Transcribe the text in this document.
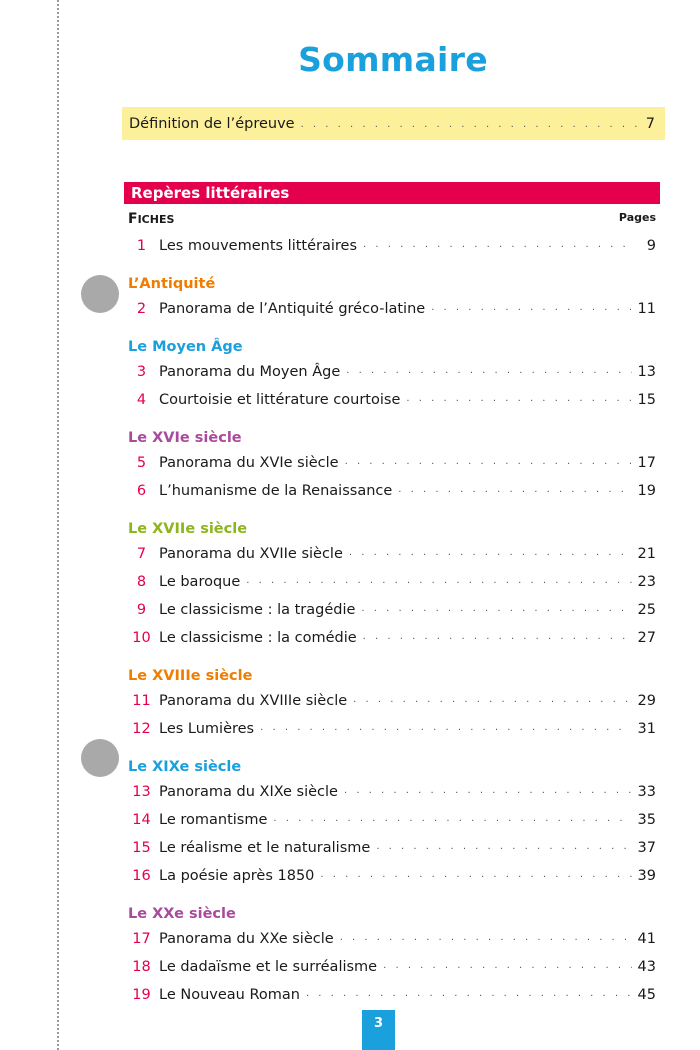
Sommaire
Définition de l’épreuve . . .	7
Repères littéraires
FICHES	Pages
1 Les mouvements littéraires . . .	9
L’Antiquité
2 Panorama de l’Antiquité gréco-latine . . .	11
Le Moyen Âge
3 Panorama du Moyen Âge . . .	13
4 Courtoisie et littérature courtoise . . .	15
Le XVIe siècle
5 Panorama du XVIe siècle . . .	17
6 L’humanisme de la Renaissance . . .	19
Le XVIIe siècle
7 Panorama du XVIIe siècle . . .	21
8 Le baroque . . .	23
9 Le classicisme : la tragédie . . .	25
10 Le classicisme : la comédie . . .	27
Le XVIIIe siècle
11 Panorama du XVIIIe siècle . . .	29
12 Les Lumières . . .	31
Le XIXe siècle
13 Panorama du XIXe siècle . . .	33
14 Le romantisme . . .	35
15 Le réalisme et le naturalisme . . .	37
16 La poésie après 1850 . . .	39
Le XXe siècle
17 Panorama du XXe siècle . . .	41
18 Le dadaïsme et le surréalisme . . .	43
19 Le Nouveau Roman . . .	45
3
